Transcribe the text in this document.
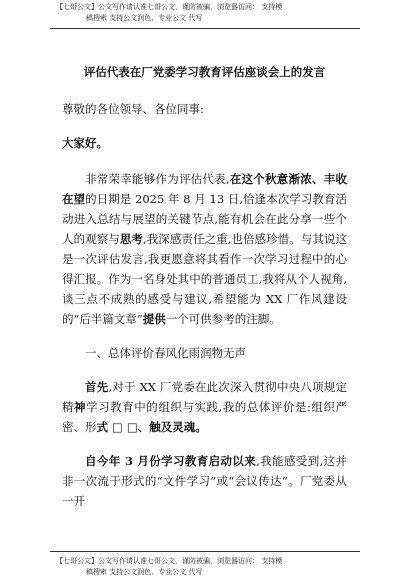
【七哥公文】公文写作请认准七哥公文，谨防被骗，浏览器访问： 支持模
稿搜索 支持公文润色、专业公文 代写
评估代表在厂党委学习教育评估座谈会上的发言
尊敬的各位领导、各位同事:
大家好。
非常荣幸能够作为评估代表,在这个秋意渐浓、丰收在望的日期是 2025 年 8 月 13 日,恰逢本次学习教育活动进入总结与展望的关键节点,能有机会在此分享一些个人的观察与思考,我深感责任之重,也倍感珍惜。与其说这是一次评估发言,我更愿意将其看作一次学习过程中的心得汇报。作为一名身处其中的普通员工,我将从个人视角,谈三点不成熟的感受与建议,希望能为 XX 厂作风建设的“后半篇文章”提供一个可供参考的注脚。
一、总体评价春风化雨润物无声
首先,对于 XX 厂党委在此次深入贯彻中央八项规定精神学习教育中的组织与实践,我的总体评价是:组织严密、形式 □ □、触及灵魂。
自今年 3 月份学习教育启动以来,我能感受到,这并非一次流于形式的“文件学习”或“会议传达”。厂党委从一开
【七哥公文】公文写作请认准七哥公文，谨防被骗，浏览器访问： 支持模
稿搜索 支持公文润色、专业公文 代写
